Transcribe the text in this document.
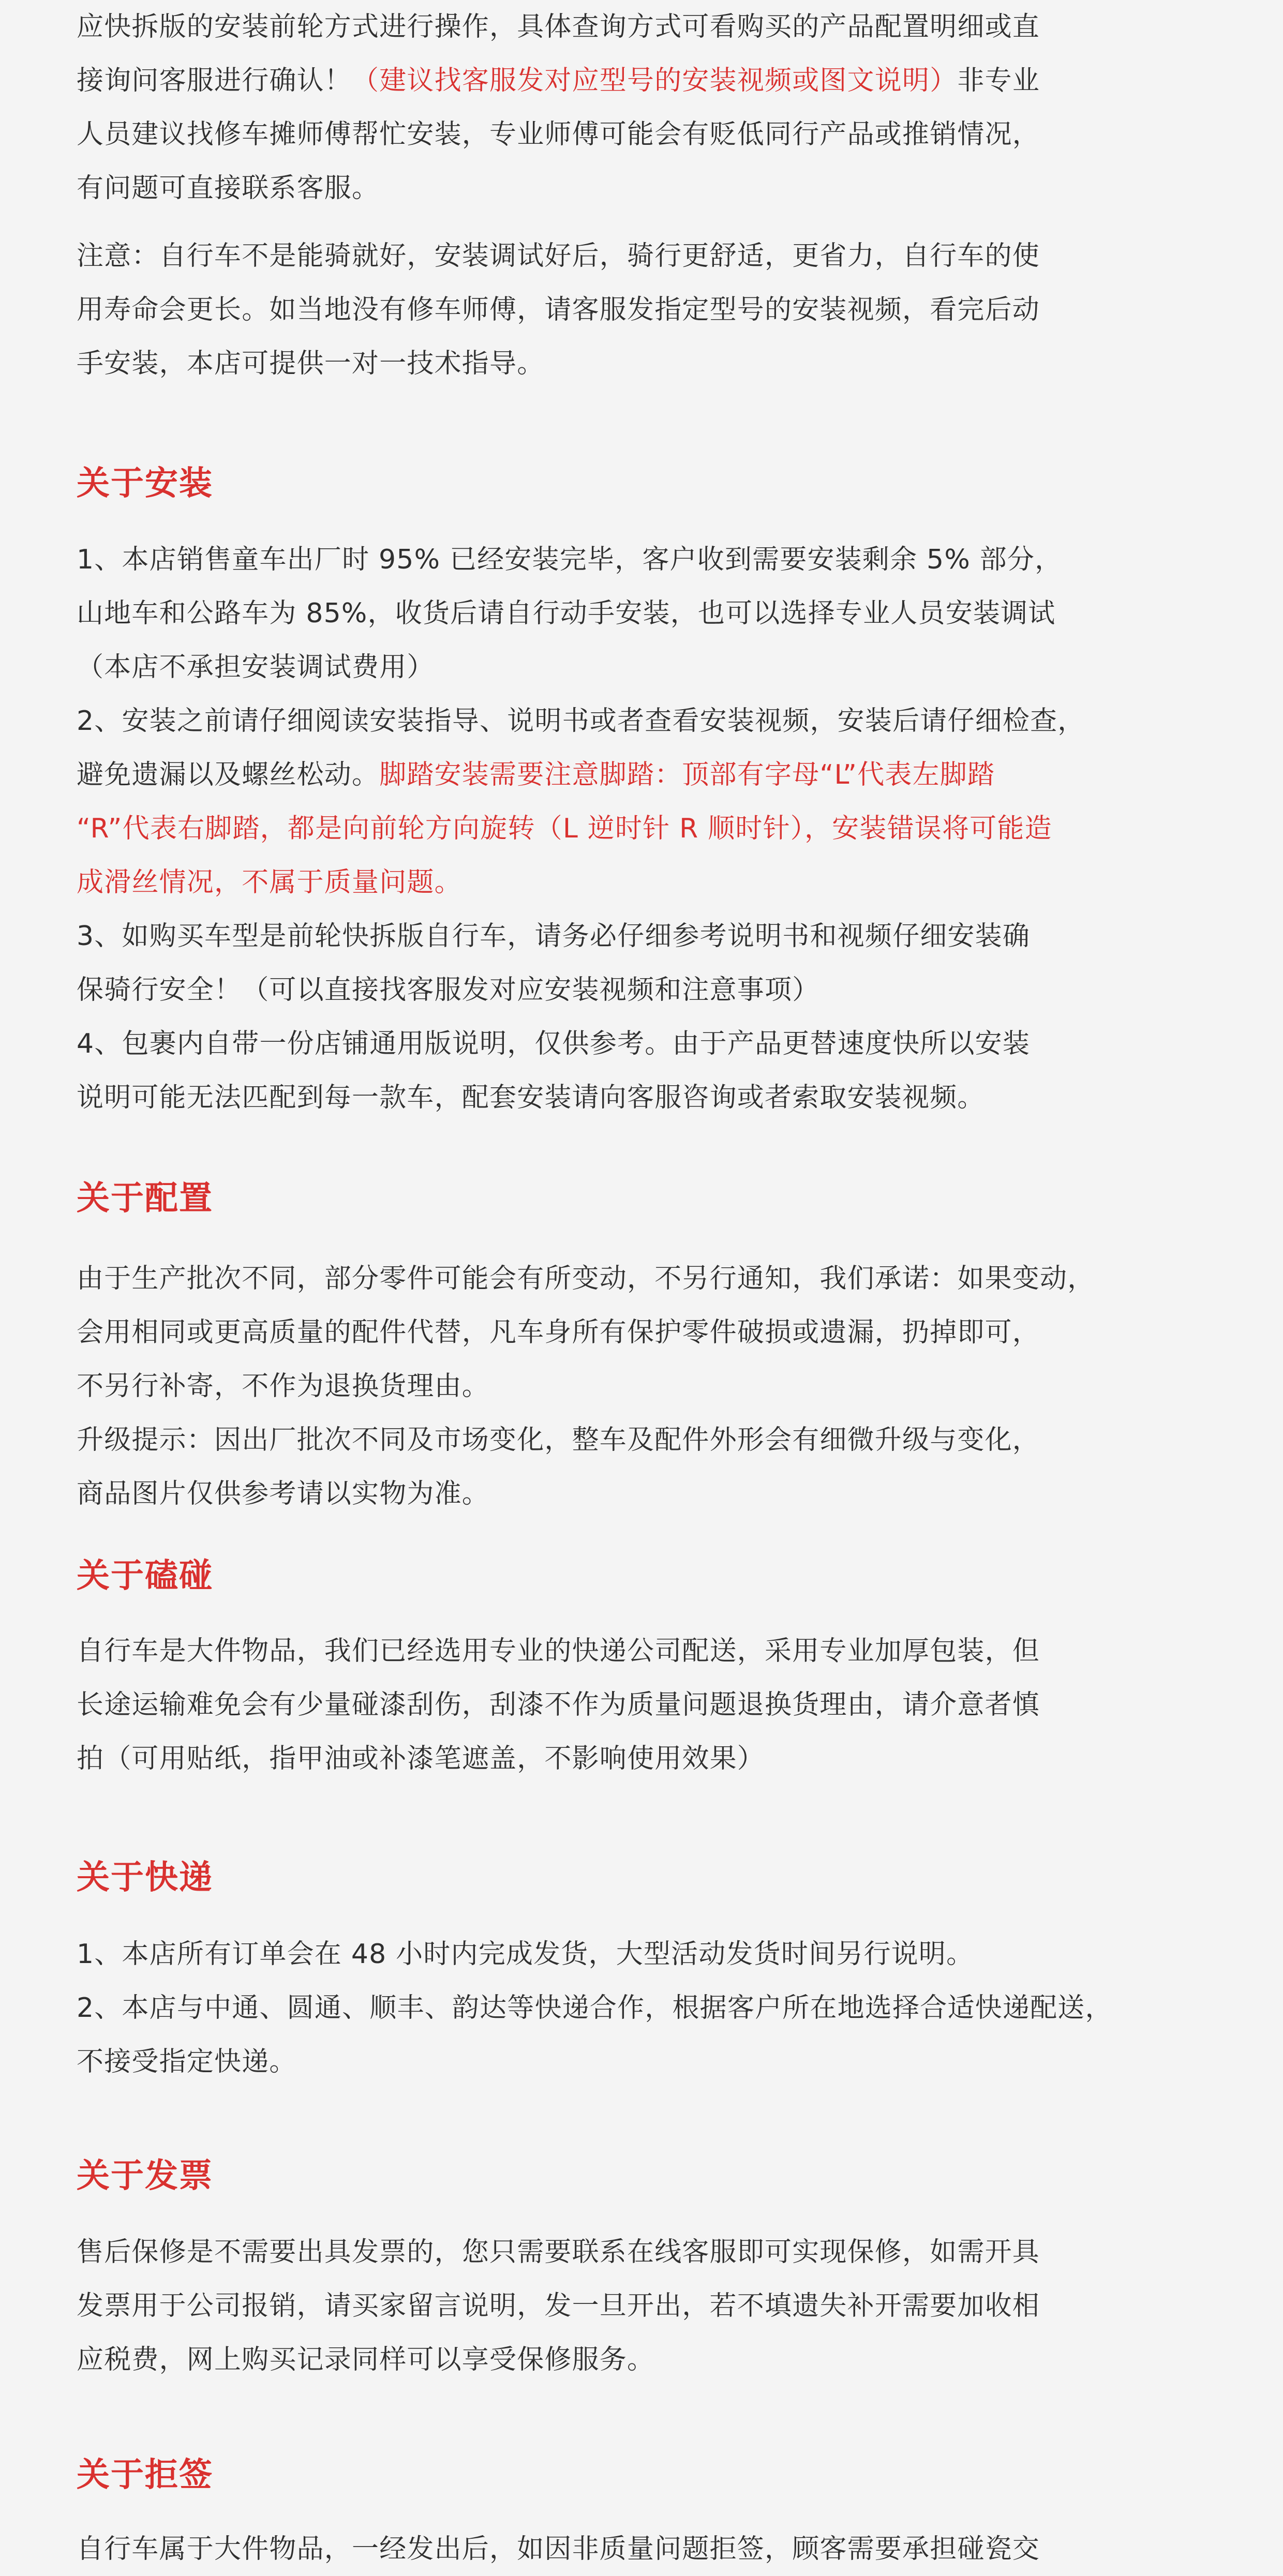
应快拆版的安装前轮方式进行操作，具体查询方式可看购买的产品配置明细或直

接询问客服进行确认！（建议找客服发对应型号的安装视频或图文说明）非专业

人员建议找修车摊师傅帮忙安装，专业师傅可能会有贬低同行产品或推销情况，

有问题可直接联系客服。

注意：自行车不是能骑就好，安装调试好后，骑行更舒适，更省力，自行车的使

用寿命会更长。如当地没有修车师傅，请客服发指定型号的安装视频，看完后动

手安装，本店可提供一对一技术指导。

关于安装

1、本店销售童车出厂时 95% 已经安装完毕，客户收到需要安装剩余 5% 部分，

山地车和公路车为 85%，收货后请自行动手安装，也可以选择专业人员安装调试

（本店不承担安装调试费用）

2、安装之前请仔细阅读安装指导、说明书或者查看安装视频，安装后请仔细检查，

避免遗漏以及螺丝松动。脚踏安装需要注意脚踏：顶部有字母“L”代表左脚踏

“R”代表右脚踏，都是向前轮方向旋转（L 逆时针 R 顺时针），安装错误将可能造

成滑丝情况，不属于质量问题。

3、如购买车型是前轮快拆版自行车，请务必仔细参考说明书和视频仔细安装确

保骑行安全！（可以直接找客服发对应安装视频和注意事项）

4、包裹内自带一份店铺通用版说明，仅供参考。由于产品更替速度快所以安装

说明可能无法匹配到每一款车，配套安装请向客服咨询或者索取安装视频。

关于配置

由于生产批次不同，部分零件可能会有所变动，不另行通知，我们承诺：如果变动，

会用相同或更高质量的配件代替，凡车身所有保护零件破损或遗漏，扔掉即可，

不另行补寄，不作为退换货理由。

升级提示：因出厂批次不同及市场变化，整车及配件外形会有细微升级与变化，

商品图片仅供参考请以实物为准。

关于磕碰

自行车是大件物品，我们已经选用专业的快递公司配送，采用专业加厚包装，但

长途运输难免会有少量碰漆刮伤，刮漆不作为质量问题退换货理由，请介意者慎

拍（可用贴纸，指甲油或补漆笔遮盖，不影响使用效果）

关于快递

1、本店所有订单会在 48 小时内完成发货，大型活动发货时间另行说明。

2、本店与中通、圆通、顺丰、韵达等快递合作，根据客户所在地选择合适快递配送，

不接受指定快递。

关于发票

售后保修是不需要出具发票的，您只需要联系在线客服即可实现保修，如需开具

发票用于公司报销，请买家留言说明，发一旦开出，若不填遗失补开需要加收相

应税费，网上购买记录同样可以享受保修服务。

关于拒签

自行车属于大件物品，一经发出后，如因非质量问题拒签，顾客需要承担碰瓷交
